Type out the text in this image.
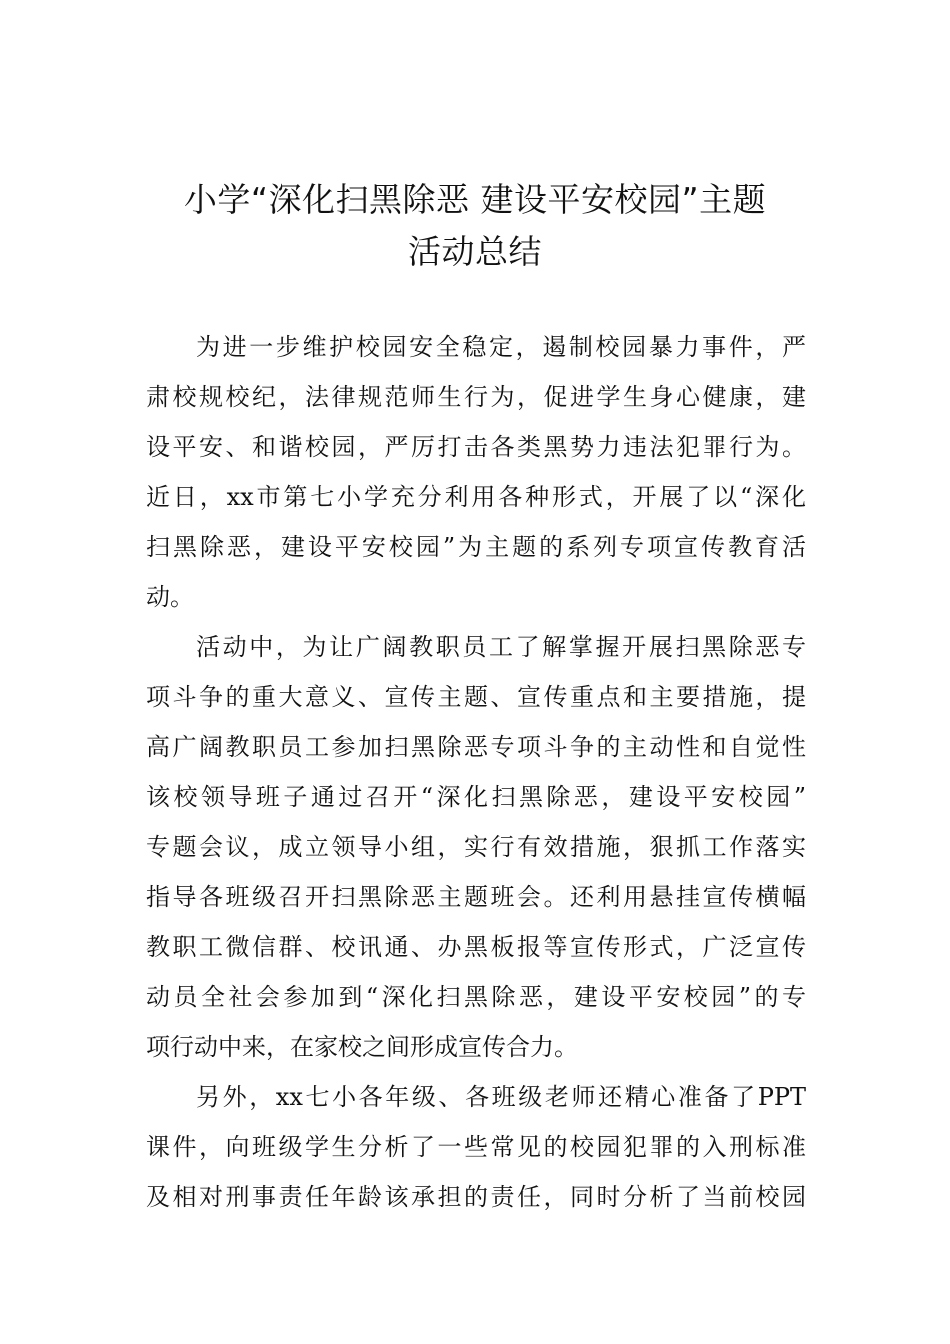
小学“深化扫黑除恶 建设平安校园”主题
活动总结
为进一步维护校园安全稳定，遏制校园暴力事件，严
肃校规校纪，法律规范师生行为，促进学生身心健康，建
设平安、和谐校园，严厉打击各类黑势力违法犯罪行为。
近日，xx市第七小学充分利用各种形式，开展了以“深化
扫黑除恶，建设平安校园”为主题的系列专项宣传教育活
动。
活动中，为让广阔教职员工了解掌握开展扫黑除恶专
项斗争的重大意义、宣传主题、宣传重点和主要措施，提
高广阔教职员工参加扫黑除恶专项斗争的主动性和自觉性
该校领导班子通过召开“深化扫黑除恶，建设平安校园”
专题会议，成立领导小组，实行有效措施，狠抓工作落实
指导各班级召开扫黑除恶主题班会。还利用悬挂宣传横幅
教职工微信群、校讯通、办黑板报等宣传形式，广泛宣传
动员全社会参加到“深化扫黑除恶，建设平安校园”的专
项行动中来，在家校之间形成宣传合力。
另外，xx七小各年级、各班级老师还精心准备了PPT
课件，向班级学生分析了一些常见的校园犯罪的入刑标准
及相对刑事责任年龄该承担的责任，同时分析了当前校园
